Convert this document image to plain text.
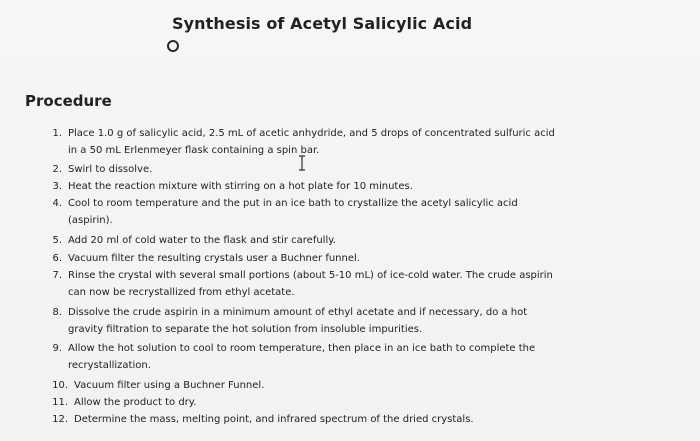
Synthesis of Acetyl Salicylic Acid
Procedure
1. Place 1.0 g of salicylic acid, 2.5 mL of acetic anhydride, and 5 drops of concentrated sulfuric acid
in a 50 mL Erlenmeyer flask containing a spin bar.
2. Swirl to dissolve.
3. Heat the reaction mixture with stirring on a hot plate for 10 minutes.
4. Cool to room temperature and the put in an ice bath to crystallize the acetyl salicylic acid
(aspirin).
5. Add 20 ml of cold water to the flask and stir carefully.
6. Vacuum filter the resulting crystals user a Buchner funnel.
7. Rinse the crystal with several small portions (about 5-10 mL) of ice-cold water. The crude aspirin
can now be recrystallized from ethyl acetate.
8. Dissolve the crude aspirin in a minimum amount of ethyl acetate and if necessary, do a hot
gravity filtration to separate the hot solution from insoluble impurities.
9. Allow the hot solution to cool to room temperature, then place in an ice bath to complete the
recrystallization.
10. Vacuum filter using a Buchner Funnel.
11. Allow the product to dry.
12. Determine the mass, melting point, and infrared spectrum of the dried crystals.
